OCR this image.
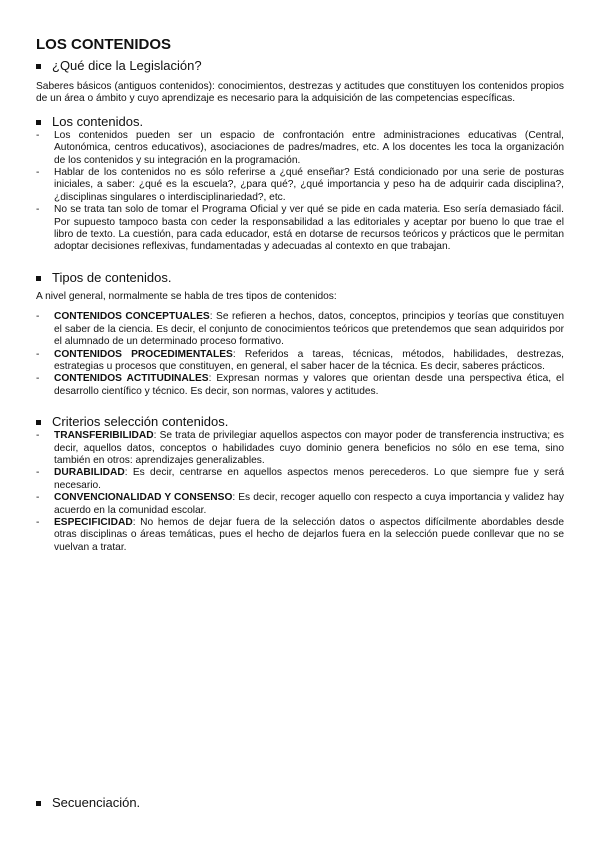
LOS CONTENIDOS
¿Qué dice la Legislación?

Saberes básicos (antiguos contenidos): conocimientos, destrezas y actitudes que constituyen los contenidos propios de un área o ámbito y cuyo aprendizaje es necesario para la adquisición de las competencias específicas.

Los contenidos.
- Los contenidos pueden ser un espacio de confrontación entre administraciones educativas (Central, Autonómica, centros educativos), asociaciones de padres/madres, etc. A los docentes les toca la organización de los contenidos y su integración en la programación.
- Hablar de los contenidos no es sólo referirse a ¿qué enseñar? Está condicionado por una serie de posturas iniciales, a saber: ¿qué es la escuela?, ¿para qué?, ¿qué importancia y peso ha de adquirir cada disciplina?, ¿disciplinas singulares o interdisciplinariedad?, etc.
- No se trata tan solo de tomar el Programa Oficial y ver qué se pide en cada materia. Eso sería demasiado fácil. Por supuesto tampoco basta con ceder la responsabilidad a las editoriales y aceptar por bueno lo que trae el libro de texto. La cuestión, para cada educador, está en dotarse de recursos teóricos y prácticos que le permitan adoptar decisiones reflexivas, fundamentadas y adecuadas al contexto en que trabajan.
Tipos de contenidos.

A nivel general, normalmente se habla de tres tipos de contenidos:

- CONTENIDOS CONCEPTUALES: Se refieren a hechos, datos, conceptos, principios y teorías que constituyen el saber de la ciencia. Es decir, el conjunto de conocimientos teóricos que pretendemos que sean adquiridos por el alumnado de un determinado proceso formativo.
- CONTENIDOS PROCEDIMENTALES: Referidos a tareas, técnicas, métodos, habilidades, destrezas, estrategias u procesos que constituyen, en general, el saber hacer de la técnica. Es decir, saberes prácticos.
- CONTENIDOS ACTITUDINALES: Expresan normas y valores que orientan desde una perspectiva ética, el desarrollo científico y técnico. Es decir, son normas, valores y actitudes.
Criterios selección contenidos.
- TRANSFERIBILIDAD: Se trata de privilegiar aquellos aspectos con mayor poder de transferencia instructiva; es decir, aquellos datos, conceptos o habilidades cuyo dominio genera beneficios no sólo en ese tema, sino también en otros: aprendizajes generalizables.
- DURABILIDAD: Es decir, centrarse en aquellos aspectos menos perecederos. Lo que siempre fue y será necesario.
- CONVENCIONALIDAD Y CONSENSO: Es decir, recoger aquello con respecto a cuya importancia y validez hay acuerdo en la comunidad escolar.
- ESPECIFICIDAD: No hemos de dejar fuera de la selección datos o aspectos difícilmente abordables desde otras disciplinas o áreas temáticas, pues el hecho de dejarlos fuera en la selección puede conllevar que no se vuelvan a tratar.
Secuenciación.
